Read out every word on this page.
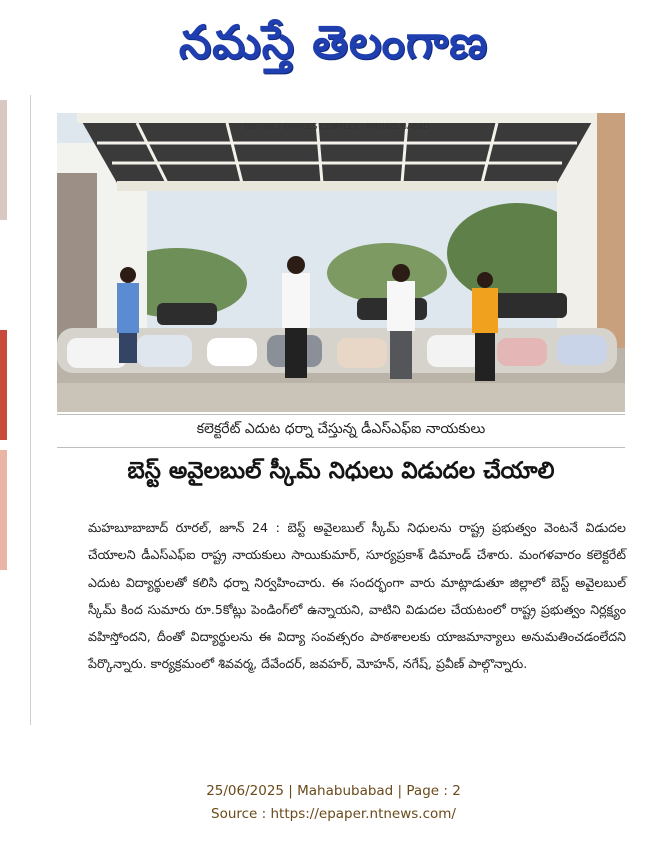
నమస్తే తెలంగాణ
DISTRICT OFFICES COMPLEX · MAHABUBABAD
కలెక్టరేట్ ఎదుట ధర్నా చేస్తున్న డీఎస్ఎఫ్ఐ నాయకులు
బెస్ట్ అవైలబుల్ స్కీమ్ నిధులు విడుదల చేయాలి
మహబూబాబాద్ రూరల్, జూన్ 24 : బెస్ట్ అవైలబుల్ స్కీమ్ నిధులను రాష్ట్ర ప్రభుత్వం వెంటనే విడుదల చేయాలని డీఎస్ఎఫ్ఐ రాష్ట్ర నాయకులు సాయికుమార్, సూర్యప్రకాశ్ డిమాండ్ చేశారు. మంగళవారం కలెక్టరేట్ ఎదుట విద్యార్థులతో కలిసి ధర్నా నిర్వహించారు. ఈ సందర్భంగా వారు మాట్లాడుతూ జిల్లాలో బెస్ట్ అవైలబుల్ స్కీమ్ కింద సుమారు రూ.5కోట్లు పెండింగ్‌లో ఉన్నాయని, వాటిని విడుదల చేయటంలో రాష్ట్ర ప్రభుత్వం నిర్లక్ష్యం వహిస్తోందని, దీంతో విద్యార్థులను ఈ విద్యా సంవత్సరం పాఠశాలలకు యాజమాన్యాలు అనుమతించడంలేదని పేర్కొన్నారు. కార్యక్రమంలో శివవర్మ, దేవేందర్, జవహర్, మోహన్, నగేష్, ప్రవీణ్ పాల్గొన్నారు.
25/06/2025 | Mahabubabad | Page : 2
Source : https://epaper.ntnews.com/
